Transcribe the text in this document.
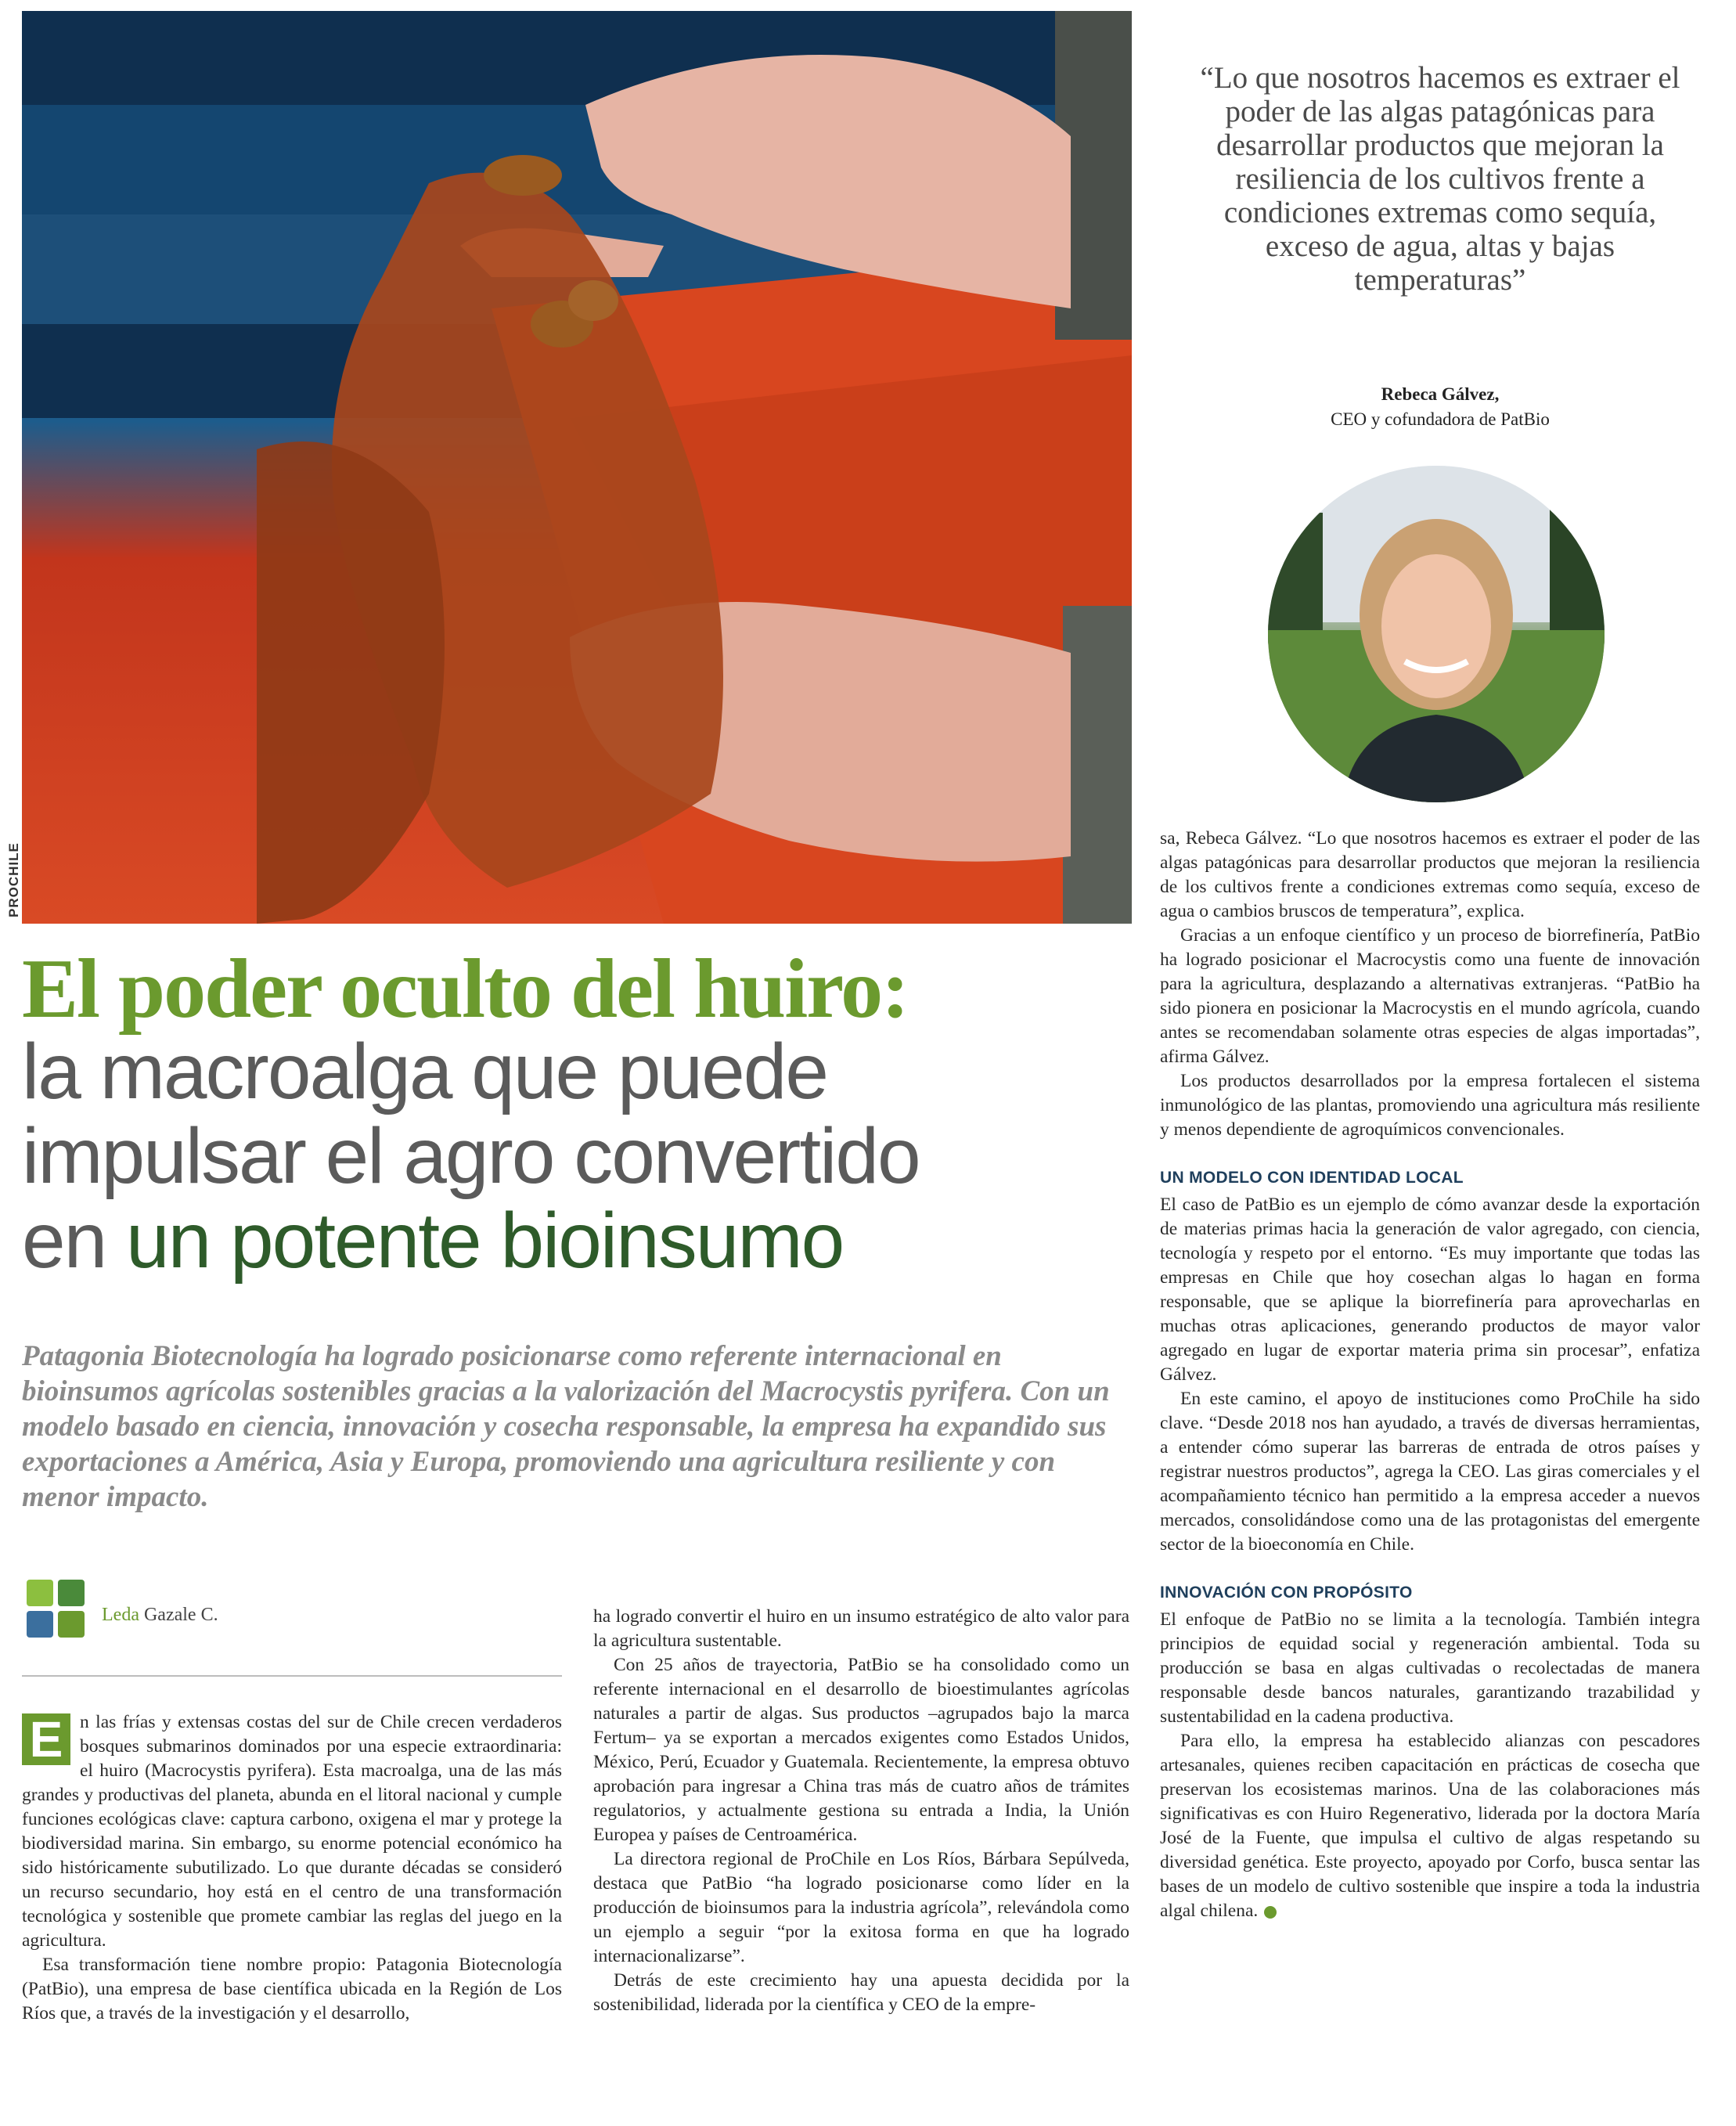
PROCHILE
“Lo que nosotros hacemos es extraer el poder de las algas patagónicas para desarrollar productos que mejoran la resiliencia de los cultivos frente a condiciones extremas como sequía, exceso de agua, altas y bajas temperaturas”
Rebeca Gálvez,
CEO y cofundadora de PatBio
El poder oculto del huiro:
la macroalga que puede
impulsar el agro convertido
en un potente bioinsumo

Patagonia Biotecnología ha logrado posicionarse como referente internacional en bioinsumos agrícolas sostenibles gracias a la valorización del Macrocystis pyrifera. Con un modelo basado en ciencia, innovación y cosecha responsable, la empresa ha expandido sus exportaciones a América, Asia y Europa, promoviendo una agricultura resiliente y con menor impacto.

Leda Gazale C.

E n las frías y extensas costas del sur de Chile crecen verdaderos bosques submarinos dominados por una especie extraordinaria: el huiro (Macrocystis pyrifera). Esta macroalga, una de las más grandes y productivas del planeta, abunda en el litoral nacional y cumple funciones ecológicas clave: captura carbono, oxigena el mar y protege la biodiversidad marina. Sin embargo, su enorme potencial económico ha sido históricamente subutilizado. Lo que durante décadas se consideró un recurso secundario, hoy está en el centro de una transformación tecnológica y sostenible que promete cambiar las reglas del juego en la agricultura.

Esa transformación tiene nombre propio: Patagonia Biotecnología (PatBio), una empresa de base científica ubicada en la Región de Los Ríos que, a través de la investigación y el desarrollo,

ha logrado convertir el huiro en un insumo estratégico de alto valor para la agricultura sustentable.

Con 25 años de trayectoria, PatBio se ha consolidado como un referente internacional en el desarrollo de bioestimulantes agrícolas naturales a partir de algas. Sus productos –agrupados bajo la marca Fertum– ya se exportan a mercados exigentes como Estados Unidos, México, Perú, Ecuador y Guatemala. Recientemente, la empresa obtuvo aprobación para ingresar a China tras más de cuatro años de trámites regulatorios, y actualmente gestiona su entrada a India, la Unión Europea y países de Centroamérica.

La directora regional de ProChile en Los Ríos, Bárbara Sepúlveda, destaca que PatBio “ha logrado posicionarse como líder en la producción de bioinsumos para la industria agrícola”, relevándola como un ejemplo a seguir “por la exitosa forma en que ha logrado internacionalizarse”.

Detrás de este crecimiento hay una apuesta decidida por la sostenibilidad, liderada por la científica y CEO de la empre-

sa, Rebeca Gálvez. “Lo que nosotros hacemos es extraer el poder de las algas patagónicas para desarrollar productos que mejoran la resiliencia de los cultivos frente a condiciones extremas como sequía, exceso de agua o cambios bruscos de temperatura”, explica.

Gracias a un enfoque científico y un proceso de biorrefinería, PatBio ha logrado posicionar el Macrocystis como una fuente de innovación para la agricultura, desplazando a alternativas extranjeras. “PatBio ha sido pionera en posicionar la Macrocystis en el mundo agrícola, cuando antes se recomendaban solamente otras especies de algas importadas”, afirma Gálvez.

Los productos desarrollados por la empresa fortalecen el sistema inmunológico de las plantas, promoviendo una agricultura más resiliente y menos dependiente de agroquímicos convencionales.

UN MODELO CON IDENTIDAD LOCAL

El caso de PatBio es un ejemplo de cómo avanzar desde la exportación de materias primas hacia la generación de valor agregado, con ciencia, tecnología y respeto por el entorno. “Es muy importante que todas las empresas en Chile que hoy cosechan algas lo hagan en forma responsable, que se aplique la biorrefinería para aprovecharlas en muchas otras aplicaciones, generando productos de mayor valor agregado en lugar de exportar materia prima sin procesar”, enfatiza Gálvez.

En este camino, el apoyo de instituciones como ProChile ha sido clave. “Desde 2018 nos han ayudado, a través de diversas herramientas, a entender cómo superar las barreras de entrada de otros países y registrar nuestros productos”, agrega la CEO. Las giras comerciales y el acompañamiento técnico han permitido a la empresa acceder a nuevos mercados, consolidándose como una de las protagonistas del emergente sector de la bioeconomía en Chile.

INNOVACIÓN CON PROPÓSITO

El enfoque de PatBio no se limita a la tecnología. También integra principios de equidad social y regeneración ambiental. Toda su producción se basa en algas cultivadas o recolectadas de manera responsable desde bancos naturales, garantizando trazabilidad y sustentabilidad en la cadena productiva.

Para ello, la empresa ha establecido alianzas con pescadores artesanales, quienes reciben capacitación en prácticas de cosecha que preservan los ecosistemas marinos. Una de las colaboraciones más significativas es con Huiro Regenerativo, liderada por la doctora María José de la Fuente, que impulsa el cultivo de algas respetando su diversidad genética. Este proyecto, apoyado por Corfo, busca sentar las bases de un modelo de cultivo sostenible que inspire a toda la industria algal chilena.
